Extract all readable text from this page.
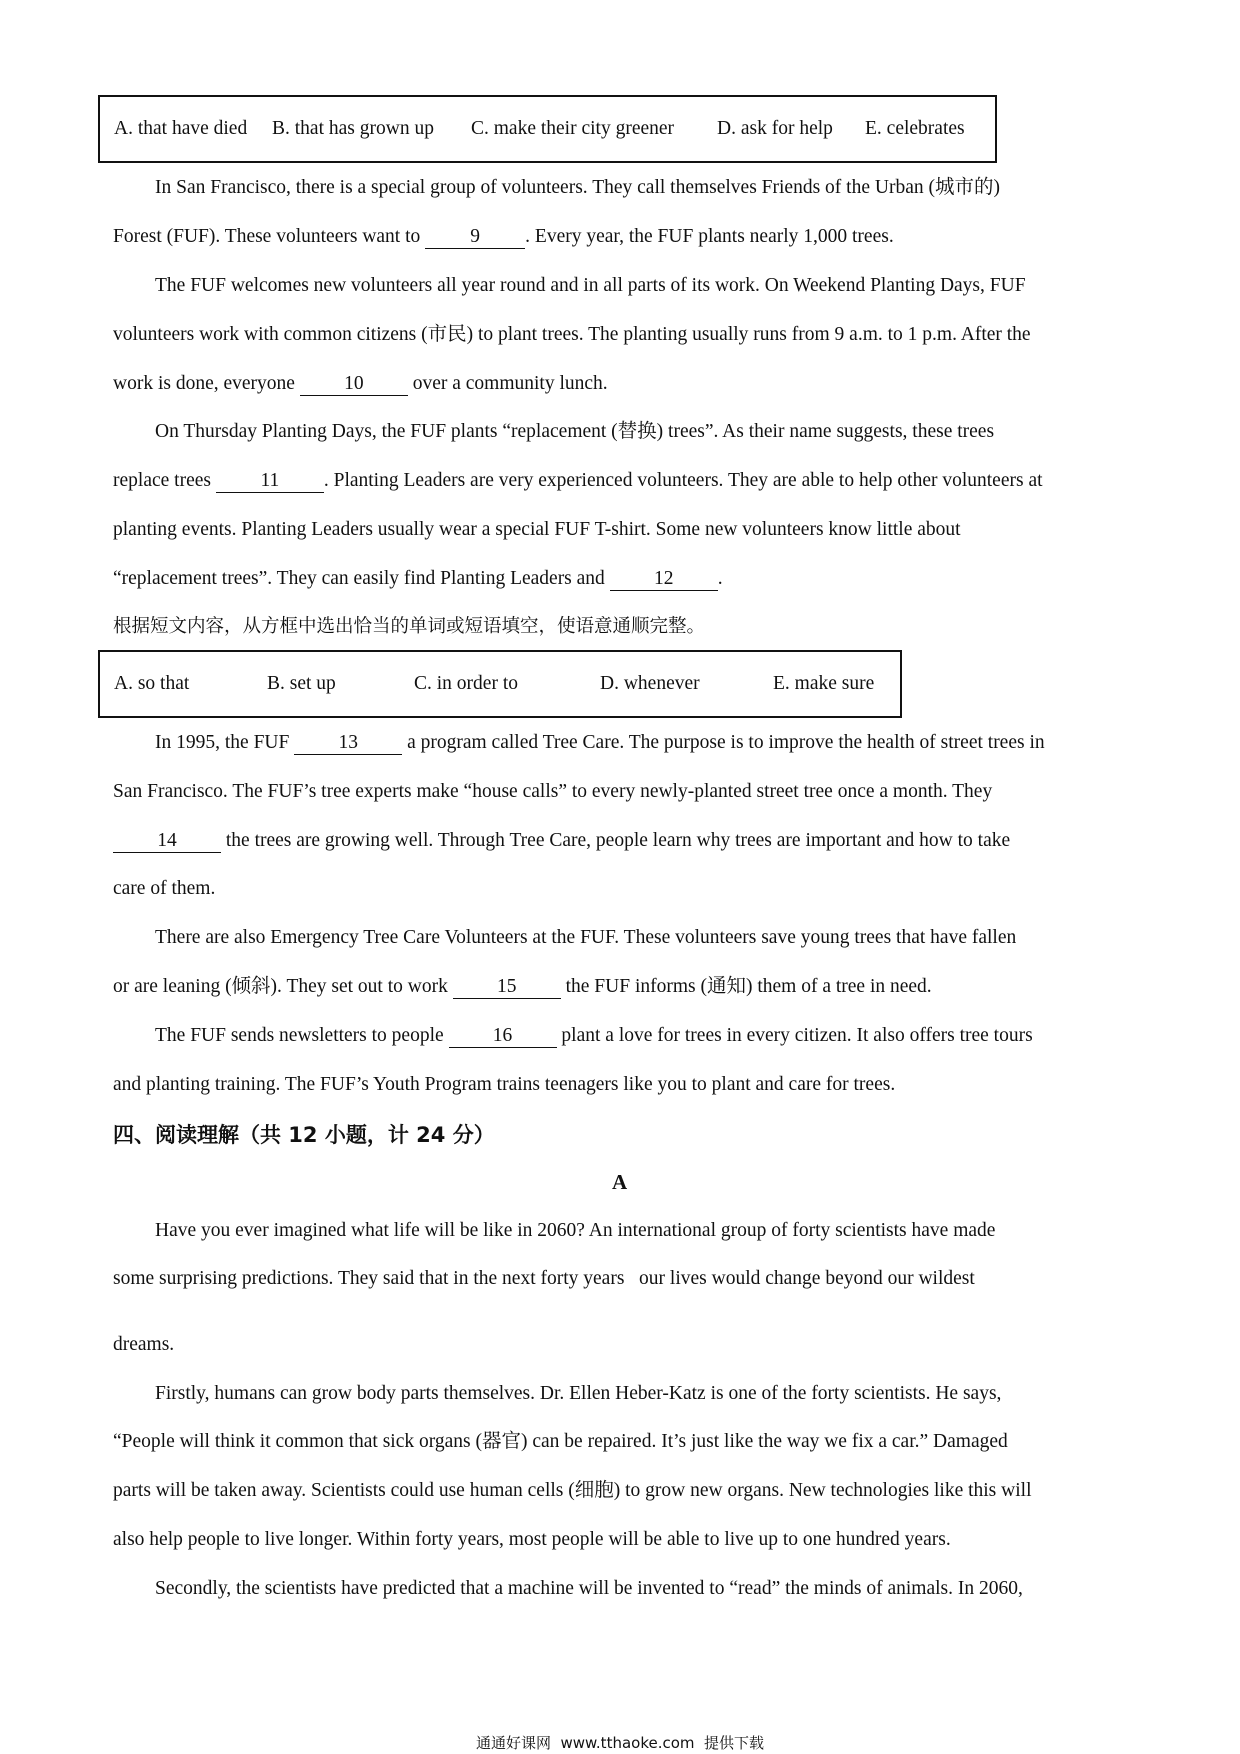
A. that have died	B. that has grown up	C. make their city greener	D. ask for help	E. celebrates
In San Francisco, there is a special group of volunteers. They call themselves Friends of the Urban (城市的)
Forest (FUF). These volunteers want to	9 . Every year, the FUF plants nearly 1,000 trees.
The FUF welcomes new volunteers all year round and in all parts of its work. On Weekend Planting Days, FUF
volunteers work with common citizens (市民) to plant trees. The planting usually runs from 9 a.m. to 1 p.m. After the
work is done, everyone	10	over a community lunch.
On Thursday Planting Days, the FUF plants “replacement (替换) trees”. As their name suggests, these trees
replace trees	11 . Planting Leaders are very experienced volunteers. They are able to help other volunteers at
planting events. Planting Leaders usually wear a special FUF T-shirt. Some new volunteers know little about
“replacement trees”. They can easily find Planting Leaders and	12 .
根据短文内容，从方框中选出恰当的单词或短语填空，使语意通顺完整。
A. so that	B. set up	C. in order to	D. whenever	E. make sure
In 1995, the FUF	13	a program called Tree Care. The purpose is to improve the health of street trees in
San Francisco. The FUF’s tree experts make “house calls” to every newly-planted street tree once a month. They
14	the trees are growing well. Through Tree Care, people learn why trees are important and how to take
care of them.
There are also Emergency Tree Care Volunteers at the FUF. These volunteers save young trees that have fallen
or are leaning (倾斜). They set out to work	15	the FUF informs (通知) them of a tree in need.
The FUF sends newsletters to people	16	plant a love for trees in every citizen. It also offers tree tours
and planting training. The FUF’s Youth Program trains teenagers like you to plant and care for trees.
四、阅读理解（共 12 小题，计 24 分）
A
Have you ever imagined what life will be like in 2060? An international group of forty scientists have made
some surprising predictions. They said that in the next forty years   our lives would change beyond our wildest
dreams.
Firstly, humans can grow body parts themselves. Dr. Ellen Heber-Katz is one of the forty scientists. He says,
“People will think it common that sick organs (器官) can be repaired. It’s just like the way we fix a car.” Damaged
parts will be taken away. Scientists could use human cells (细胞) to grow new organs. New technologies like this will
also help people to live longer. Within forty years, most people will be able to live up to one hundred years.
Secondly, the scientists have predicted that a machine will be invented to “read” the minds of animals. In 2060,
通通好课网  www.tthaoke.com  提供下载
